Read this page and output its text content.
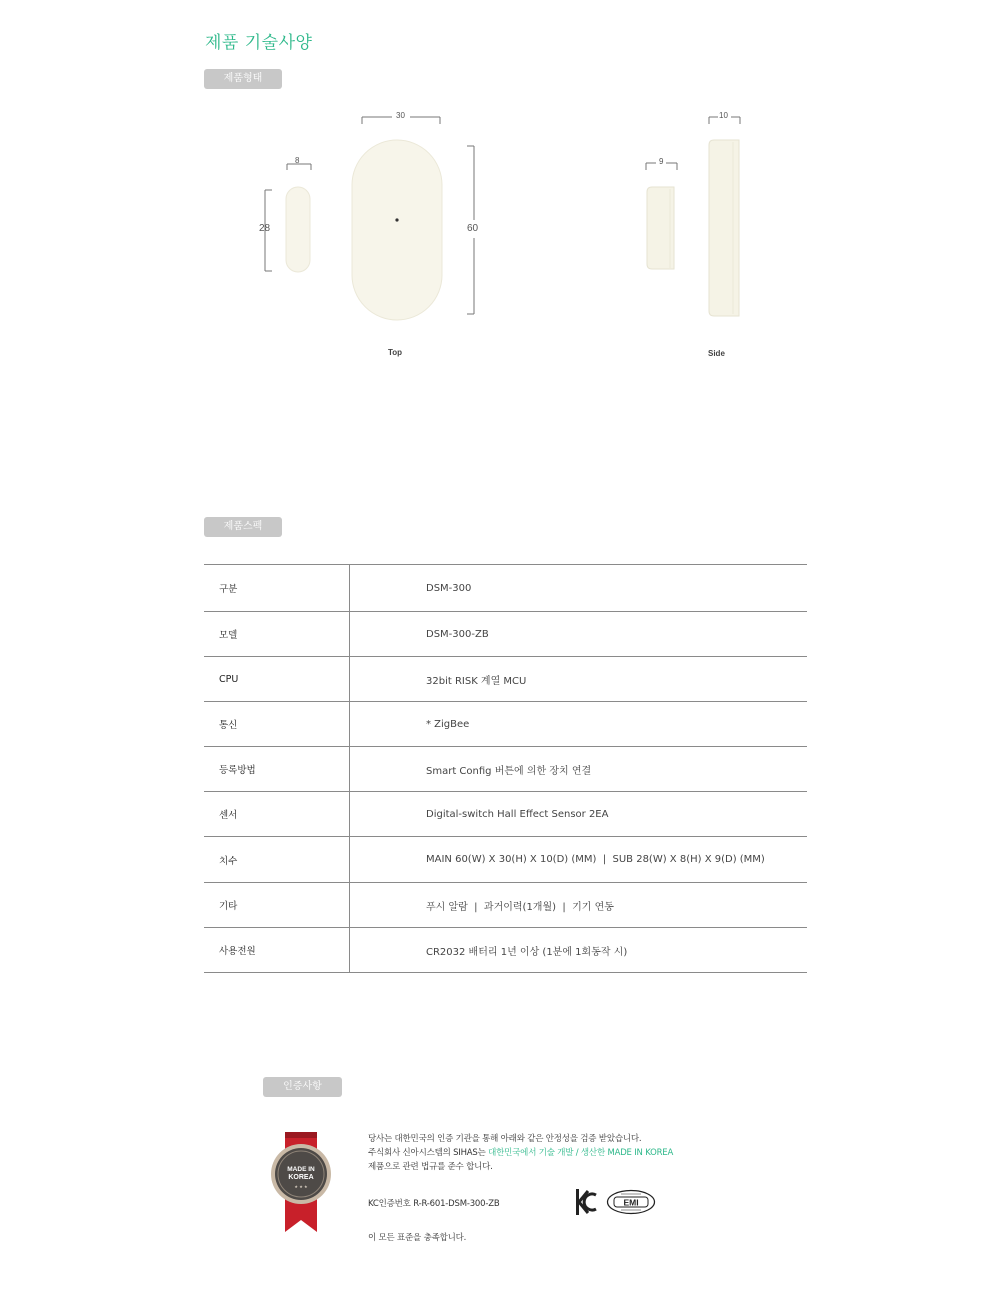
제품 기술사양
제품형태
8
28
30
60
9
10
Top	Side
제품스펙
구분	DSM-300
모델	DSM-300-ZB
CPU	32bit RISK 계열 MCU
통신	* ZigBee
등록방법	Smart Config 버튼에 의한 장치 연결
센서	Digital-switch Hall Effect Sensor 2EA
치수	MAIN 60(W) X 30(H) X 10(D) (MM)  |  SUB 28(W) X 8(H) X 9(D) (MM)
기타	푸시 알람  |  과거이력(1개월)  |  기기 연동
사용전원	CR2032 배터리 1년 이상 (1분에 1회동작 시)
인증사항
MADE IN
KOREA
★ ★ ★
당사는 대한민국의 인증 기관을 통해 아래와 같은 안정성을 검증 받았습니다.
주식회사 신아시스템의 SIHAS는 대한민국에서 기술 개발 / 생산한 MADE IN KOREA
제품으로 관련 법규를 준수 합니다.
KC인증번호 R-R-601-DSM-300-ZB
이 모든 표준을 충족합니다.
EMI
